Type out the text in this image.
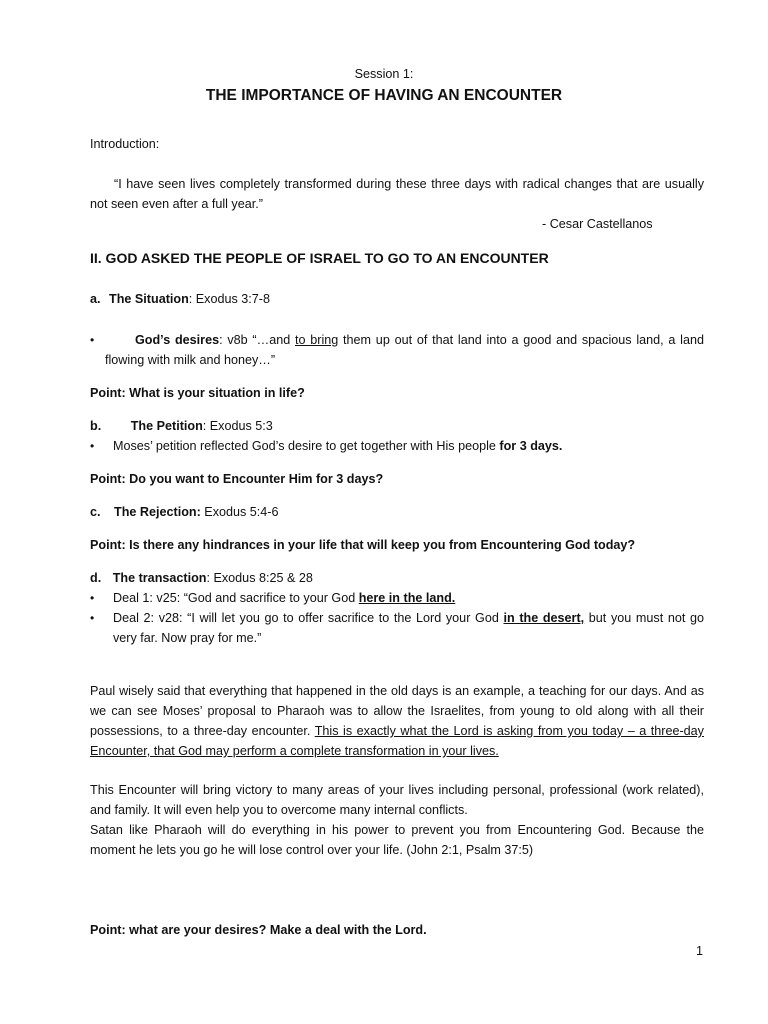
Session 1:
THE IMPORTANCE OF HAVING AN ENCOUNTER
Introduction:
“I have seen lives completely transformed during these three days with radical changes that are usually not seen even after a full year.”
- Cesar Castellanos
II. GOD ASKED THE PEOPLE OF ISRAEL TO GO TO AN ENCOUNTER
a. The Situation: Exodus 3:7-8
•	God’s desires: v8b “…and to bring them up out of that land into a good and spacious land, a land flowing with milk and honey…”
Point: What is your situation in life?
b. The Petition: Exodus 5:3
• Moses’ petition reflected God’s desire to get together with His people for 3 days.
Point: Do you want to Encounter Him for 3 days?
c. The Rejection: Exodus 5:4-6
Point: Is there any hindrances in your life that will keep you from Encountering God today?
d. The transaction: Exodus 8:25 & 28
• Deal 1: v25: “God and sacrifice to your God here in the land.
• Deal 2: v28: “I will let you go to offer sacrifice to the Lord your God in the desert, but you must not go very far. Now pray for me.”
Paul wisely said that everything that happened in the old days is an example, a teaching for our days. And as we can see Moses’ proposal to Pharaoh was to allow the Israelites, from young to old along with all their possessions, to a three-day encounter. This is exactly what the Lord is asking from you today – a three-day Encounter, that God may perform a complete transformation in your lives.
This Encounter will bring victory to many areas of your lives including personal, professional (work related), and family. It will even help you to overcome many internal conflicts.
Satan like Pharaoh will do everything in his power to prevent you from Encountering God. Because the moment he lets you go he will lose control over your life. (John 2:1, Psalm 37:5)
Point: what are your desires? Make a deal with the Lord.
1
